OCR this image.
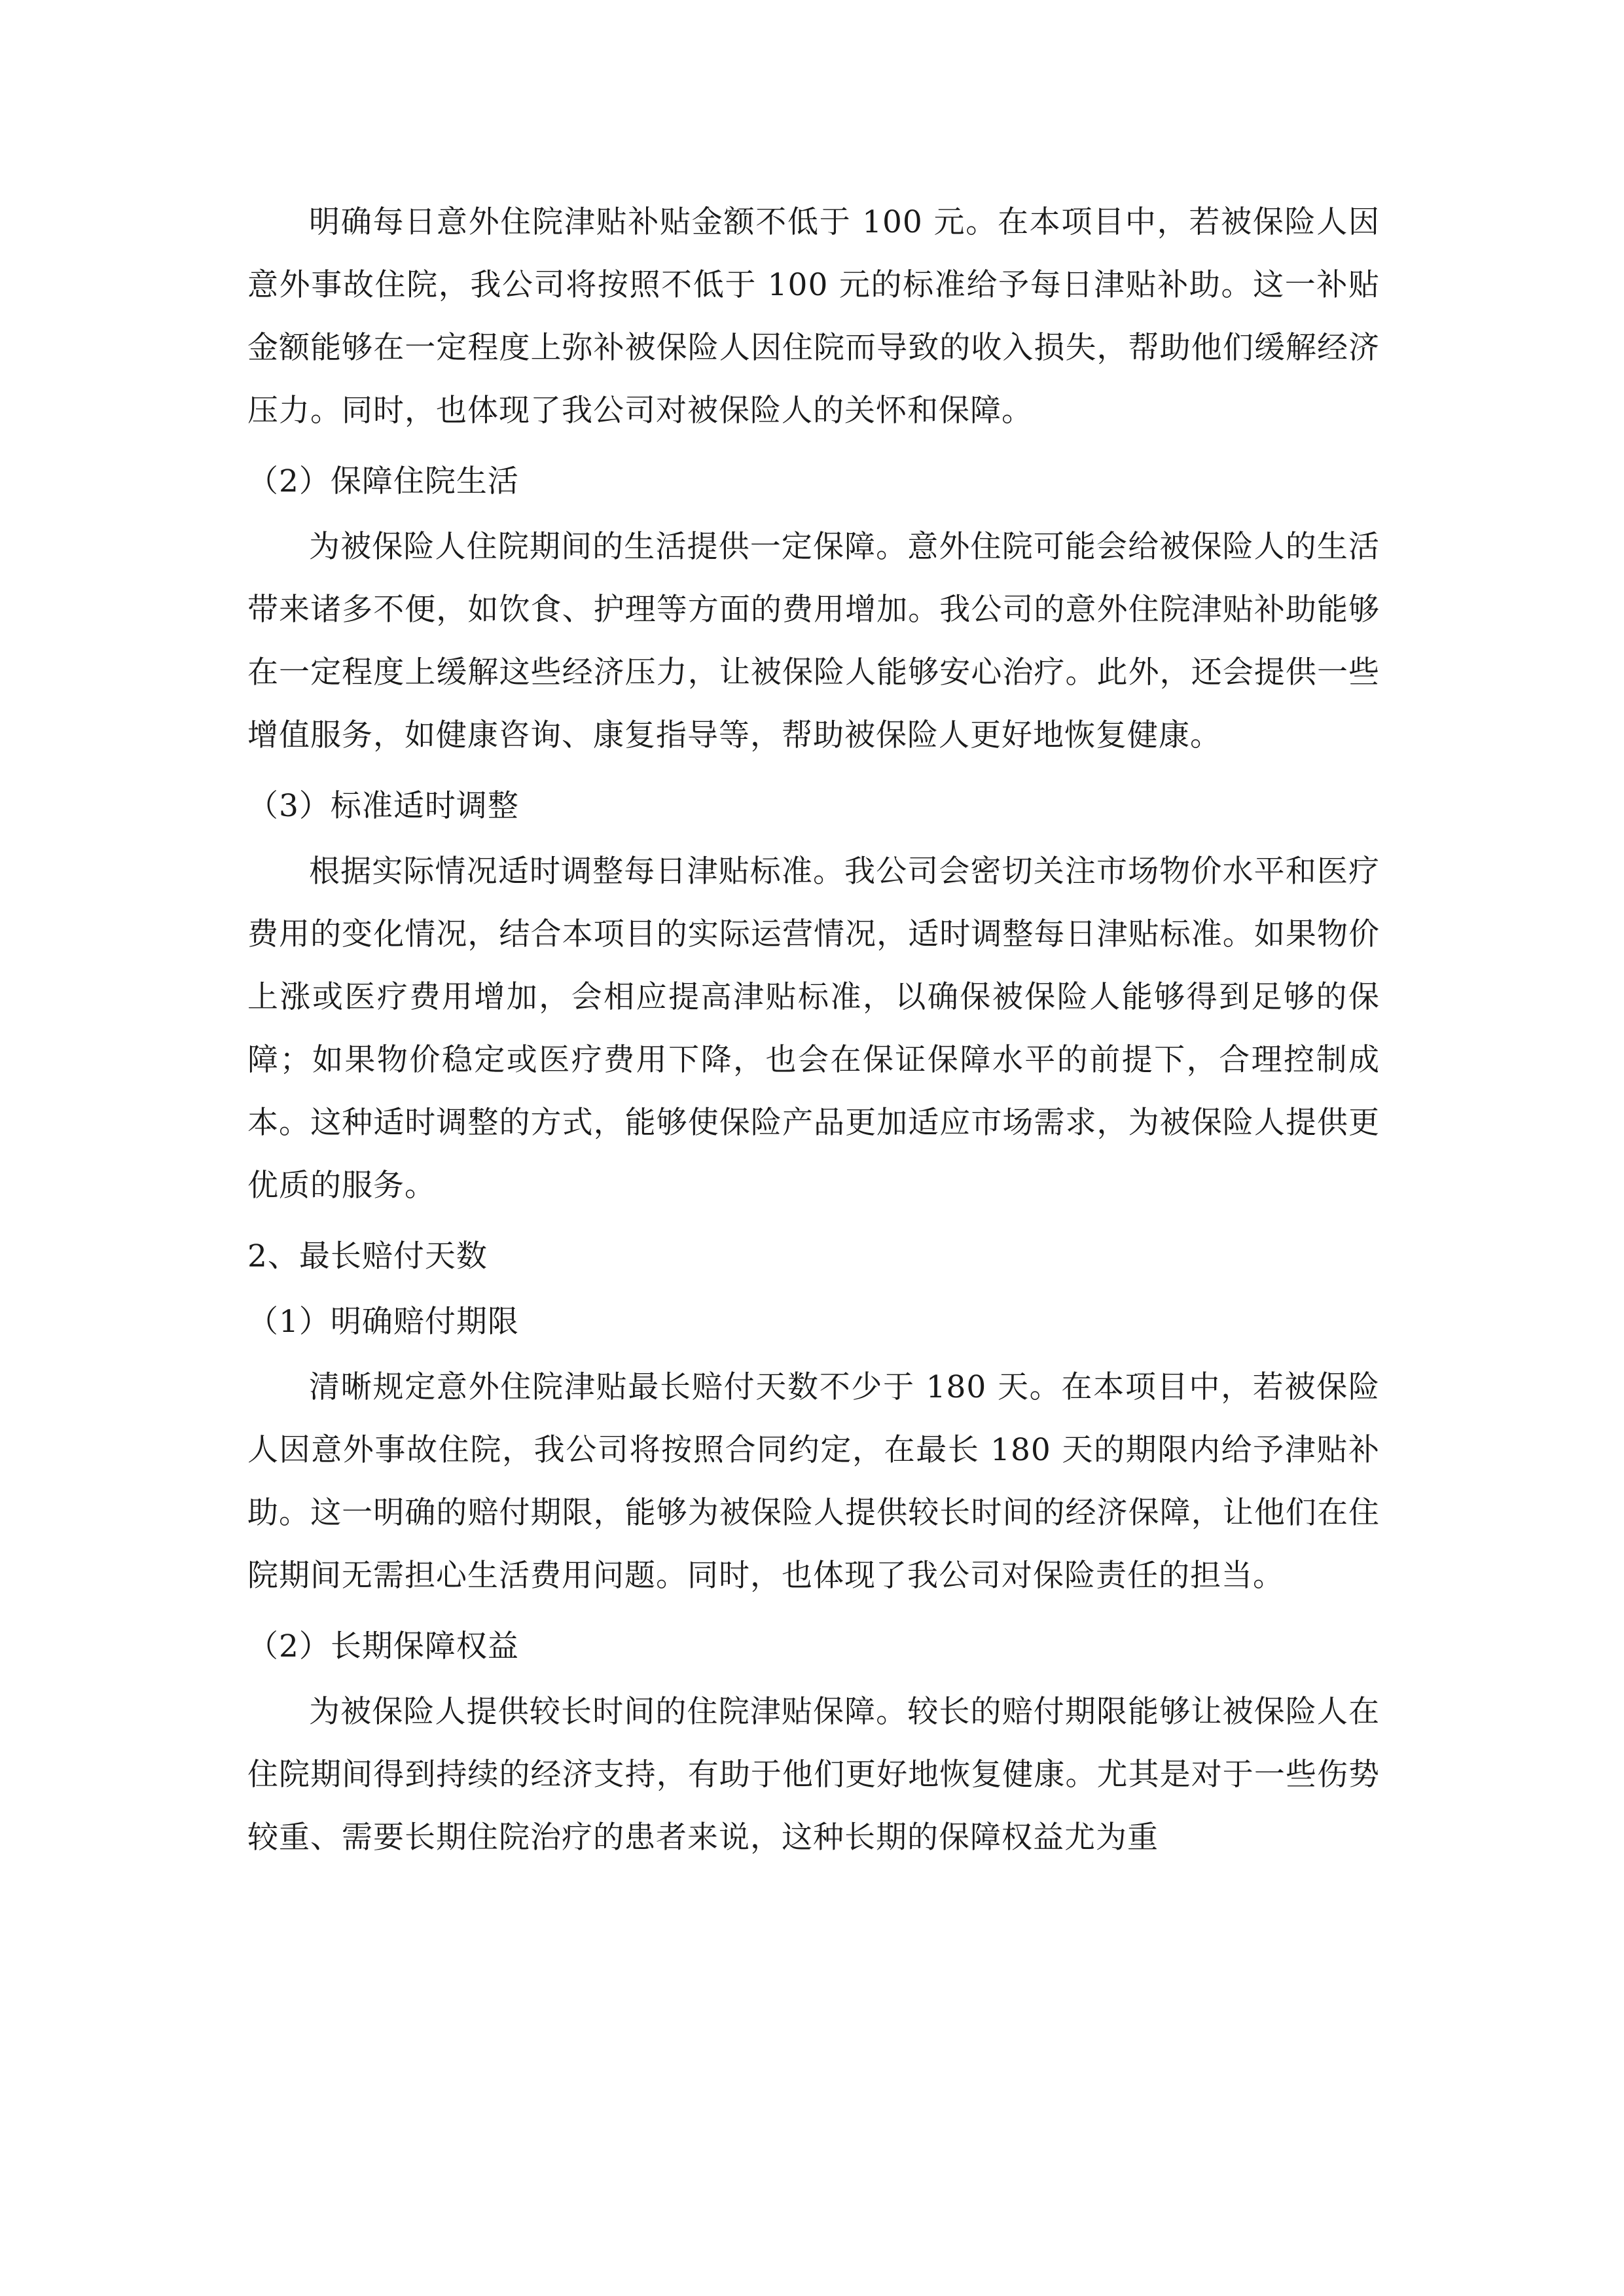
明确每日意外住院津贴补贴金额不低于 100 元。在本项目中，若被保险人因意外事故住院，我公司将按照不低于 100 元的标准给予每日津贴补助。这一补贴金额能够在一定程度上弥补被保险人因住院而导致的收入损失，帮助他们缓解经济压力。同时，也体现了我公司对被保险人的关怀和保障。

（2）保障住院生活

为被保险人住院期间的生活提供一定保障。意外住院可能会给被保险人的生活带来诸多不便，如饮食、护理等方面的费用增加。我公司的意外住院津贴补助能够在一定程度上缓解这些经济压力，让被保险人能够安心治疗。此外，还会提供一些增值服务，如健康咨询、康复指导等，帮助被保险人更好地恢复健康。

（3）标准适时调整

根据实际情况适时调整每日津贴标准。我公司会密切关注市场物价水平和医疗费用的变化情况，结合本项目的实际运营情况，适时调整每日津贴标准。如果物价上涨或医疗费用增加，会相应提高津贴标准，以确保被保险人能够得到足够的保障；如果物价稳定或医疗费用下降，也会在保证保障水平的前提下，合理控制成本。这种适时调整的方式，能够使保险产品更加适应市场需求，为被保险人提供更优质的服务。

2、最长赔付天数
（1）明确赔付期限

清晰规定意外住院津贴最长赔付天数不少于 180 天。在本项目中，若被保险人因意外事故住院，我公司将按照合同约定，在最长 180 天的期限内给予津贴补助。这一明确的赔付期限，能够为被保险人提供较长时间的经济保障，让他们在住院期间无需担心生活费用问题。同时，也体现了我公司对保险责任的担当。

（2）长期保障权益

为被保险人提供较长时间的住院津贴保障。较长的赔付期限能够让被保险人在住院期间得到持续的经济支持，有助于他们更好地恢复健康。尤其是对于一些伤势较重、需要长期住院治疗的患者来说，这种长期的保障权益尤为重
